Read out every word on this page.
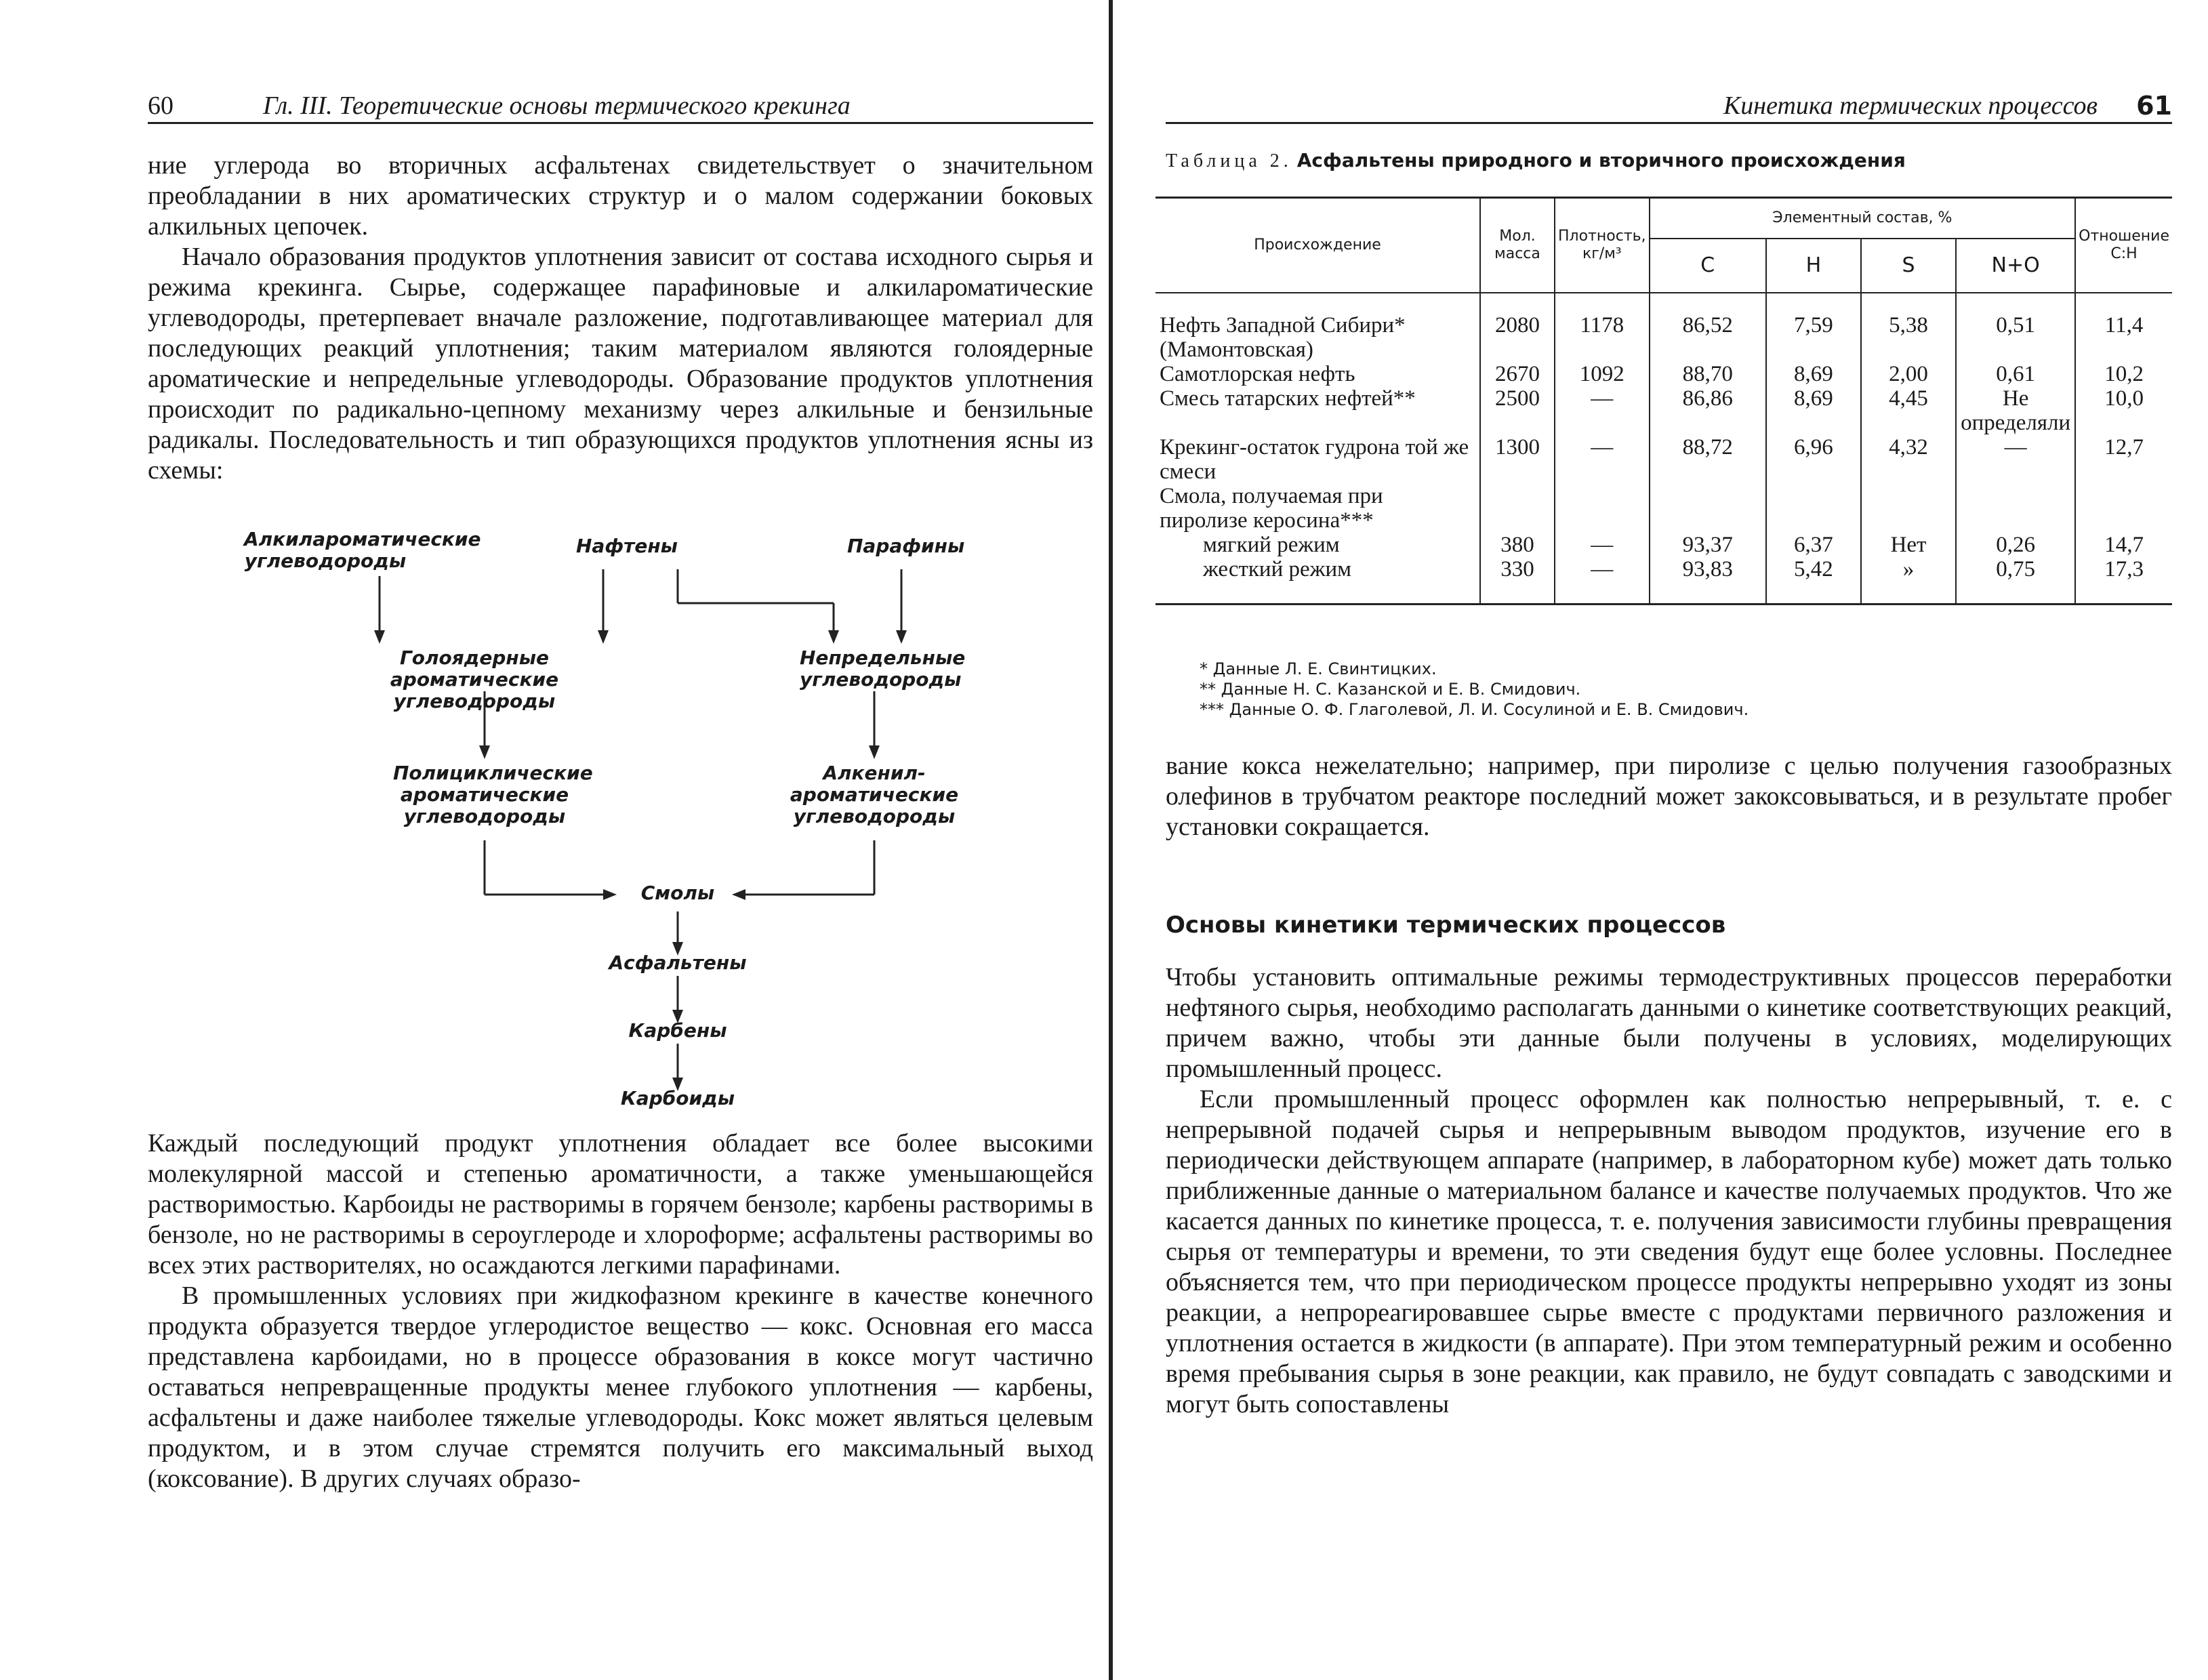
60	Гл. III. Теоретические основы термического крекинга

ние углерода во вторичных асфальтенах свидетельствует о значительном преобладании в них ароматических структур и о малом содержании боковых алкильных цепочек.

Начало образования продуктов уплотнения зависит от состава исходного сырья и режима крекинга. Сырье, содержащее парафиновые и алкилароматические углеводороды, претерпевает вначале разложение, подготавливающее материал для последующих реакций уплотнения; таким материалом являются голоядерные ароматические и непредельные углеводороды. Образование продуктов уплотнения происходит по радикально-цепному механизму через алкильные и бензильные радикалы. Последовательность и тип образующихся продуктов уплотнения ясны из схемы:

Алкилароматические углеводороды
Нафтены	Парафины
Голоядерные ароматические углеводороды
Непредельные углеводороды
Полициклические ароматические углеводороды
Алкенил-ароматические углеводороды
Смолы
Асфальтены
Карбены
Карбоиды

Каждый последующий продукт уплотнения обладает все более высокими молекулярной массой и степенью ароматичности, а также уменьшающейся растворимостью. Карбоиды не растворимы в горячем бензоле; карбены растворимы в бензоле, но не растворимы в сероуглероде и хлороформе; асфальтены растворимы во всех этих растворителях, но осаждаются легкими парафинами.

В промышленных условиях при жидкофазном крекинге в качестве конечного продукта образуется твердое углеродистое вещество — кокс. Основная его масса представлена карбоидами, но в процессе образования в коксе могут частично оставаться непревращенные продукты менее глубокого уплотнения — карбены, асфальтены и даже наиболее тяжелые углеводороды. Кокс может являться целевым продуктом, и в этом случае стремятся получить его максимальный выход (коксование). В других случаях образо-

Кинетика термических процессов 61
Таблица 2. Асфальтены природного и вторичного происхождения
Происхождение	Мол. масса	Плотность, кг/м³	Элементный состав, %				Отношение C:H
			C	H	S	N+O	

Нефть Западной Сибири* (Мамонтовская)	2080	1178	86,52	7,59	5,38	0,51	11,4
Самотлорская нефть	2670	1092	88,70	8,69	2,00	0,61	10,2
Смесь татарских нефтей**	2500	—	86,86	8,69	4,45	Не определяли	10,0
Крекинг-остаток гудрона той же смеси	1300	—	88,72	6,96	4,32	—	12,7
Смола, получаемая при пиролизе керосина***							
мягкий режим	380	—	93,37	6,37	Нет	0,26	14,7
жесткий режим	330	—	93,83	5,42	»	0,75	17,3
* Данные Л. Е. Свинтицких.
** Данные Н. С. Казанской и Е. В. Смидович.
*** Данные О. Ф. Глаголевой, Л. И. Сосулиной и Е. В. Смидович.

вание кокса нежелательно; например, при пиролизе с целью получения газообразных олефинов в трубчатом реакторе последний может закоксовываться, и в результате пробег установки сокращается.

Основы кинетики термических процессов

Чтобы установить оптимальные режимы термодеструктивных процессов переработки нефтяного сырья, необходимо располагать данными о кинетике соответствующих реакций, причем важно, чтобы эти данные были получены в условиях, моделирующих промышленный процесс.

Если промышленный процесс оформлен как полностью непрерывный, т. е. с непрерывной подачей сырья и непрерывным выводом продуктов, изучение его в периодически действующем аппарате (например, в лабораторном кубе) может дать только приближенные данные о материальном балансе и качестве получаемых продуктов. Что же касается данных по кинетике процесса, т. е. получения зависимости глубины превращения сырья от температуры и времени, то эти сведения будут еще более условны. Последнее объясняется тем, что при периодическом процессе продукты непрерывно уходят из зоны реакции, а непрореагировавшее сырье вместе с продуктами первичного разложения и уплотнения остается в жидкости (в аппарате). При этом температурный режим и особенно время пребывания сырья в зоне реакции, как правило, не будут совпадать с заводскими и могут быть сопоставлены
